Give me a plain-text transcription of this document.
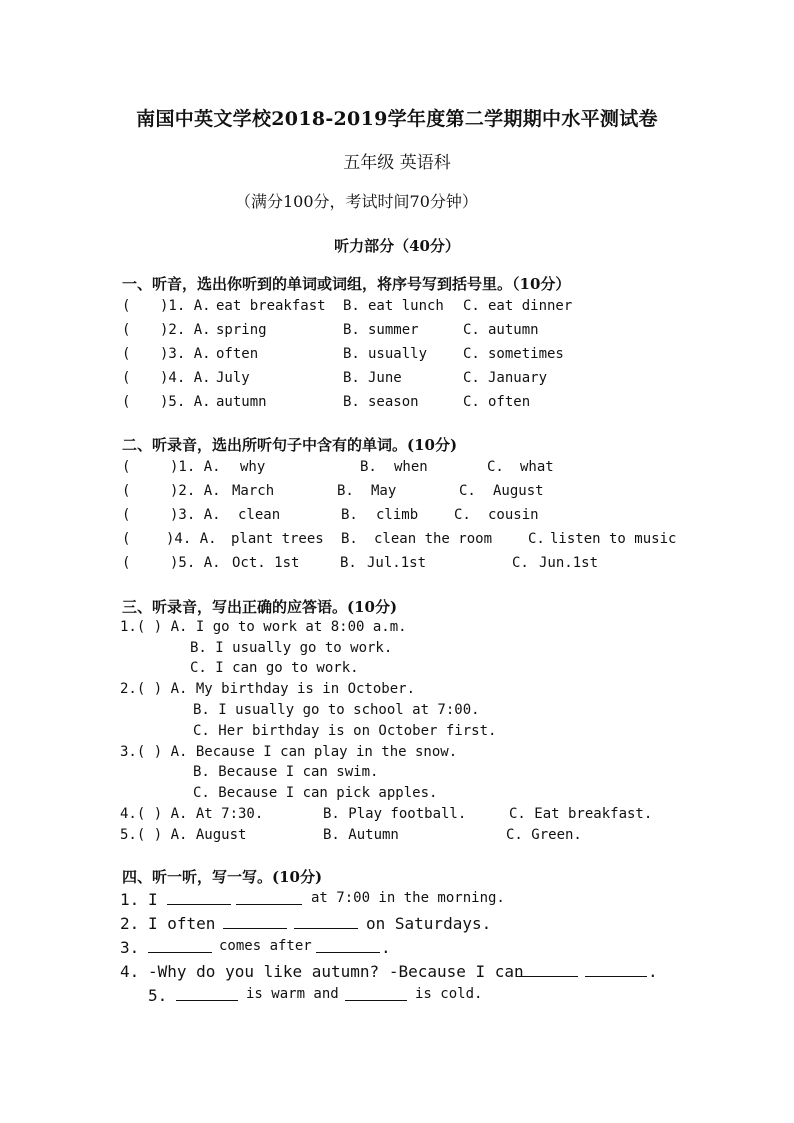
南国中英文学校2018-2019学年度第二学期期中水平测试卷
五年级 英语科
（满分100分，考试时间70分钟）
听力部分（40分）
一、听音，选出你听到的单词或词组，将序号写到括号里。（10分）
( )1. A. eat breakfast B. eat lunch C. eat dinner
( )2. A. spring	B. summer	C. autumn
( )3. A. often	B. usually	C. sometimes
( )4. A. July	B. June	C. January
( )5. A. autumn	B. season	C. often
二、听录音，选出所听句子中含有的单词。(10分)
(	)1. A. why	B. when	C. what
(	)2. A. March	B. May	C. August
(	)3. A. clean	B. climb	C. cousin
(	)4. A. plant trees B. clean the room	C. listen to music
(	)5. A. Oct. 1st	B. Jul.1st	C. Jun.1st
三、听录音，写出正确的应答语。(10分)
1.( ) A. I go to work at 8:00 a.m.
B. I usually go to work.
C. I can go to work.
2.( ) A. My birthday is in October.
B. I usually go to school at 7:00.
C. Her birthday is on October first.
3.( ) A. Because I can play in the snow.
B. Because I can swim.
C. Because I can pick apples.
4.( ) A. At 7:30.	B. Play football.	C. Eat breakfast.
5.( ) A. August	B. Autumn	C. Green.
四、听一听，写一写。(10分)
1. I	at 7:00 in the morning.
2. I often	on Saturdays.
3.	comes after	.
4. -Why do you like autumn? -Because I can	.
5.	is warm and	is cold.
